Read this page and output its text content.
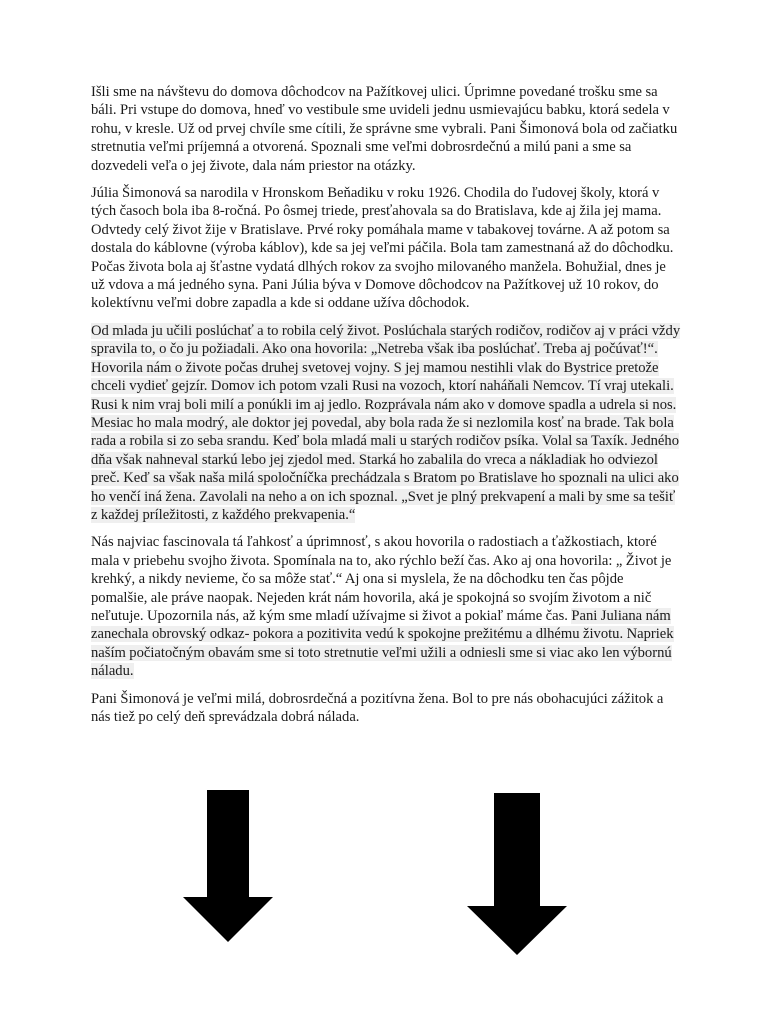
Išli sme na návštevu do domova dôchodcov na Pažítkovej ulici. Úprimne povedané trošku sme sa báli. Pri vstupe do domova, hneď vo vestibule sme uvideli jednu usmievajúcu babku, ktorá sedela v rohu, v kresle. Už od prvej chvíle sme cítili, že správne sme vybrali. Pani Šimonová bola od začiatku stretnutia veľmi príjemná a otvorená. Spoznali sme veľmi dobrosrdečnú a milú pani a sme sa dozvedeli veľa o jej živote, dala nám priestor na otázky.

Júlia Šimonová sa narodila v Hronskom Beňadiku v roku 1926. Chodila do ľudovej školy, ktorá v tých časoch bola iba 8-ročná. Po ôsmej triede, presťahovala sa do Bratislava, kde aj žila jej mama. Odvtedy celý život žije v Bratislave. Prvé roky pomáhala mame v tabakovej továrne. A až potom sa dostala do káblovne (výroba káblov), kde sa jej veľmi páčila. Bola tam zamestnaná až do dôchodku. Počas života bola aj šťastne vydatá dlhých rokov za svojho milovaného manžela. Bohužial, dnes je už vdova a má jedného syna. Pani Júlia býva v Domove dôchodcov na Pažítkovej už 10 rokov, do kolektívnu veľmi dobre zapadla a kde si oddane užíva dôchodok.

Od mlada ju učili poslúchať a to robila celý život. Poslúchala starých rodičov, rodičov aj v práci vždy spravila to, o čo ju požiadali. Ako ona hovorila: „Netreba však iba poslúchať. Treba aj počúvať!“. Hovorila nám o živote počas druhej svetovej vojny. S jej mamou nestihli vlak do Bystrice pretože chceli vydieť gejzír. Domov ich potom vzali Rusi na vozoch, ktorí naháňali Nemcov. Tí vraj utekali. Rusi k nim vraj boli milí a ponúkli im aj jedlo. Rozprávala nám ako v domove spadla a udrela si nos. Mesiac ho mala modrý, ale doktor jej povedal, aby bola rada že si nezlomila kosť na brade. Tak bola rada a robila si zo seba srandu. Keď bola mladá mali u starých rodičov psíka. Volal sa Taxík. Jedného dňa však nahneval starkú lebo jej zjedol med. Starká ho zabalila do vreca a nákladiak ho odviezol preč. Keď sa však naša milá spoločníčka prechádzala s Bratom po Bratislave ho spoznali na ulici ako ho venčí iná žena. Zavolali na neho a on ich spoznal. „Svet je plný prekvapení a mali by sme sa tešiť z každej príležitosti, z každého prekvapenia.“

Nás najviac fascinovala tá ľahkosť a úprimnosť, s akou hovorila o radostiach a ťažkostiach, ktoré mala v priebehu svojho života. Spomínala na to, ako rýchlo beží čas. Ako aj ona hovorila: „ Život je krehký, a nikdy nevieme, čo sa môže stať.“ Aj ona si myslela, že na dôchodku ten čas pôjde pomalšie, ale práve naopak. Nejeden krát nám hovorila, aká je spokojná so svojím životom a nič neľutuje. Upozornila nás, až kým sme mladí užívajme si život a pokiaľ máme čas. Pani Juliana nám zanechala obrovský odkaz- pokora a pozitivita vedú k spokojne prežitému a dlhému životu. Napriek naším počiatočným obavám sme si toto stretnutie veľmi užili a odniesli sme si viac ako len výbornú náladu.

Pani Šimonová je veľmi milá, dobrosrdečná a pozitívna žena. Bol to pre nás obohacujúci zážitok a nás tiež po celý deň sprevádzala dobrá nálada.
